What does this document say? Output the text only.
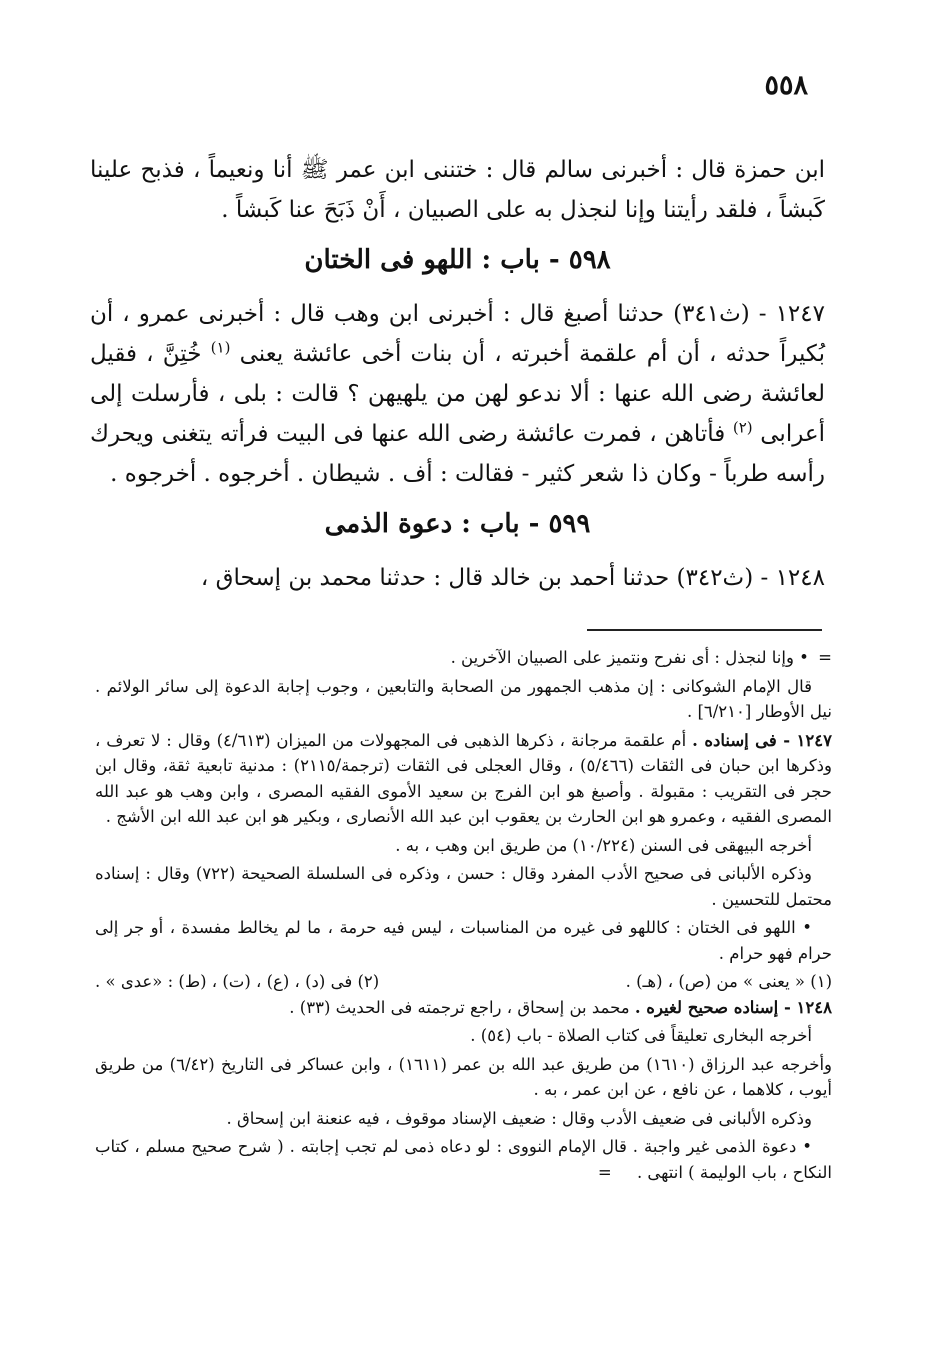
٥٥٨

ابن حمزة قال : أخبرنى سالم قال : ختننى ابن عمر ﷺ أنا ونعيماً ، فذبح علينا كَبشاً ، فلقد رأيتنا وإنا لنجذل به على الصبيان ، أَنْ ذَبَحَ عنا كَبشاً .

٥٩٨ - باب : اللهو فى الختان

١٢٤٧ - (ث٣٤١) حدثنا أصبغ قال : أخبرنى ابن وهب قال : أخبرنى عمرو ، أن بُكيراً حدثه ، أن أم علقمة أخبرته ، أن بنات أخى عائشة يعنى $^{(١)}$ خُتِنَّ ، فقيل لعائشة رضى الله عنها : ألا ندعو لهن من يلهيهن ؟ قالت : بلى ، فأرسلت إلى أعرابى $^{(٢)}$ فأتاهن ، فمرت عائشة رضى الله عنها فى البيت فرأته يتغنى ويحرك رأسه طرباً - وكان ذا شعر كثير - فقالت : أف . شيطان . أخرجوه . أخرجوه .

٥٩٩ - باب : دعوة الذمى

١٢٤٨ - (ث٣٤٢) حدثنا أحمد بن خالد قال : حدثنا محمد بن إسحاق ،

= • وإنا لنجذل : أى نفرح ونتميز على الصبيان الآخرين .

قال الإمام الشوكانى : إن مذهب الجمهور من الصحابة والتابعين ، وجوب إجابة الدعوة إلى سائر الولائم . نيل الأوطار [٦/٢١٠] .

١٢٤٧ - فى إسناده . أم علقمة مرجانة ، ذكرها الذهبى فى المجهولات من الميزان (٤/٦١٣) وقال : لا تعرف ، وذكرها ابن حبان فى الثقات (٥/٤٦٦) ، وقال العجلى فى الثقات (ترجمة/٢١١٥) : مدنية تابعية ثقة، وقال ابن حجر فى التقريب : مقبولة . وأصبغ هو ابن الفرج بن سعيد الأموى الفقيه المصرى ، وابن وهب هو عبد الله المصرى الفقيه ، وعمرو هو ابن الحارث بن يعقوب ابن عبد الله الأنصارى ، وبكير هو ابن عبد الله ابن الأشج .

أخرجه البيهقى فى السنن (١٠/٢٢٤) من طريق ابن وهب ، به .

وذكره الألبانى فى صحيح الأدب المفرد وقال : حسن ، وذكره فى السلسلة الصحيحة (٧٢٢) وقال : إسناده محتمل للتحسين .

• اللهو فى الختان : كاللهو فى غيره من المناسبات ، ليس فيه حرمة ، ما لم يخالط مفسدة ، أو جر إلى حرام فهو حرام .

(١) « يعنى » من (ص) ، (هـ) .
(٢) فى (د) ، (ع) ، (ت) ، (ط) : «عدى » .

١٢٤٨ - إسناده صحيح لغيره . محمد بن إسحاق ، راجع ترجمته فى الحديث (٣٣) .

أخرجه البخارى تعليقاً فى كتاب الصلاة - باب (٥٤) .

وأخرجه عبد الرزاق (١٦١٠) من طريق عبد الله بن عمر (١٦١١) ، وابن عساكر فى التاريخ (٦/٤٢) من طريق أيوب ، كلاهما ، عن نافع ، عن ابن عمر ، به .

وذكره الألبانى فى ضعيف الأدب وقال : ضعيف الإسناد موقوف ، فيه عنعنة ابن إسحاق .

• دعوة الذمى غير واجبة . قال الإمام النووى : لو دعاه ذمى لم تجب إجابته . ( شرح صحيح مسلم ، كتاب النكاح ، باب الوليمة ) انتهى . =
